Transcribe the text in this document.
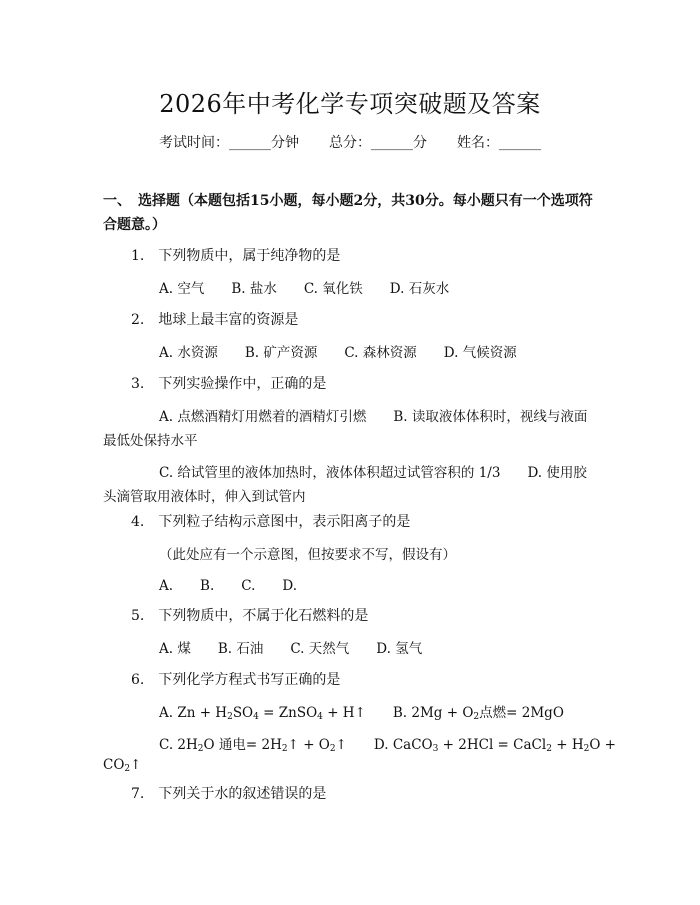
2026年中考化学专项突破题及答案
考试时间：______分钟 总分：______分 姓名：______
一、　选择题（本题包括15小题，每小题2分，共30分。每小题只有一个选项符
合题意。）
1.　下列物质中，属于纯净物的是
A. 空气　　B. 盐水　　C. 氧化铁　　D. 石灰水
2.　地球上最丰富的资源是
A. 水资源　　B. 矿产资源　　C. 森林资源　　D. 气候资源
3.　下列实验操作中，正确的是
A. 点燃酒精灯用燃着的酒精灯引燃　　B. 读取液体体积时，视线与液面
最低处保持水平
C. 给试管里的液体加热时，液体体积超过试管容积的 1/3　　D. 使用胶
头滴管取用液体时，伸入到试管内
4.　下列粒子结构示意图中，表示阳离子的是
（此处应有一个示意图，但按要求不写，假设有）
A.　　B.　　C.　　D.
5.　下列物质中，不属于化石燃料的是
A. 煤　　B. 石油　　C. 天然气　　D. 氢气
6.　下列化学方程式书写正确的是
A. $Zn + H_2SO_4$ = ZnSO$_4$ + H↑　　B. $2Mg + O_2$点燃= 2MgO
C. $2H_2O$ 通电= $2H_2↑$ + $O_2↑$　　D. CaCO$_3$ + 2HCl = CaCl$_2$ + $H_2O$ +
$CO_2↑$
7.　下列关于水的叙述错误的是
